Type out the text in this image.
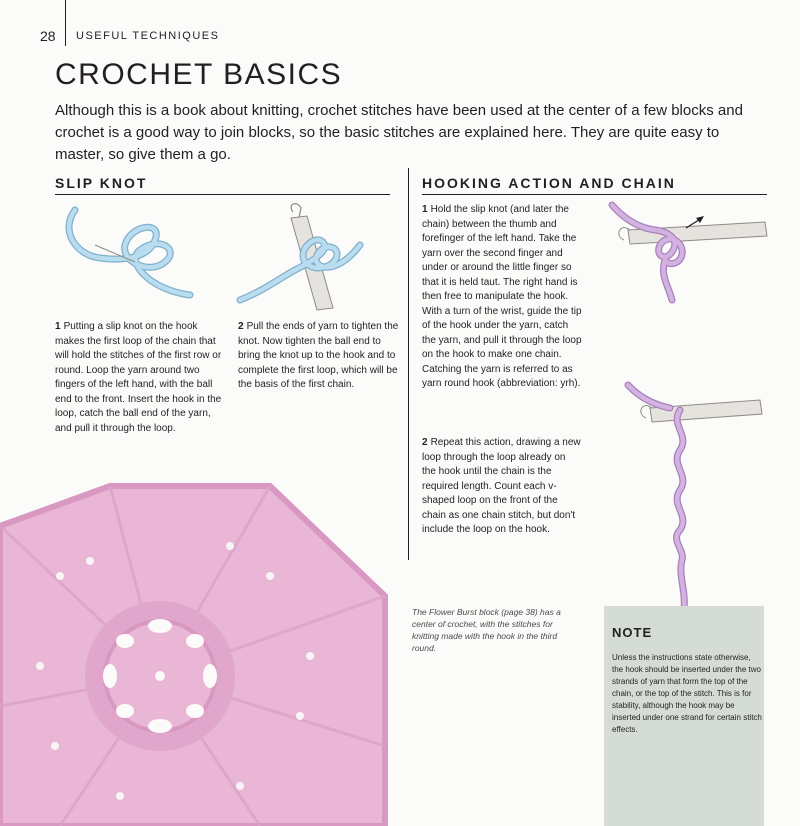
28 USEFUL TECHNIQUES
CROCHET BASICS

Although this is a book about knitting, crochet stitches have been used at the center of a few blocks and crochet is a good way to join blocks, so the basic stitches are explained here. They are quite easy to master, so give them a go.

SLIP KNOT

1 Putting a slip knot on the hook makes the first loop of the chain that will hold the stitches of the first row or round. Loop the yarn around two fingers of the left hand, with the ball end to the front. Insert the hook in the loop, catch the ball end of the yarn, and pull it through the loop.

2 Pull the ends of yarn to tighten the knot. Now tighten the ball end to bring the knot up to the hook and to complete the first loop, which will be the basis of the first chain.

HOOKING ACTION AND CHAIN

1 Hold the slip knot (and later the chain) between the thumb and forefinger of the left hand. Take the yarn over the second finger and under or around the little finger so that it is held taut. The right hand is then free to manipulate the hook. With a turn of the wrist, guide the tip of the hook under the yarn, catch the yarn, and pull it through the loop on the hook to make one chain. Catching the yarn is referred to as yarn round hook (abbreviation: yrh).

2 Repeat this action, drawing a new loop through the loop already on the hook until the chain is the required length. Count each v-shaped loop on the front of the chain as one chain stitch, but don't include the loop on the hook.

The Flower Burst block (page 38) has a center of crochet, with the stitches for knitting made with the hook in the third round.

NOTE

Unless the instructions state otherwise, the hook should be inserted under the two strands of yarn that form the top of the chain, or the top of the stitch. This is for stability, although the hook may be inserted under one strand for certain stitch effects.
